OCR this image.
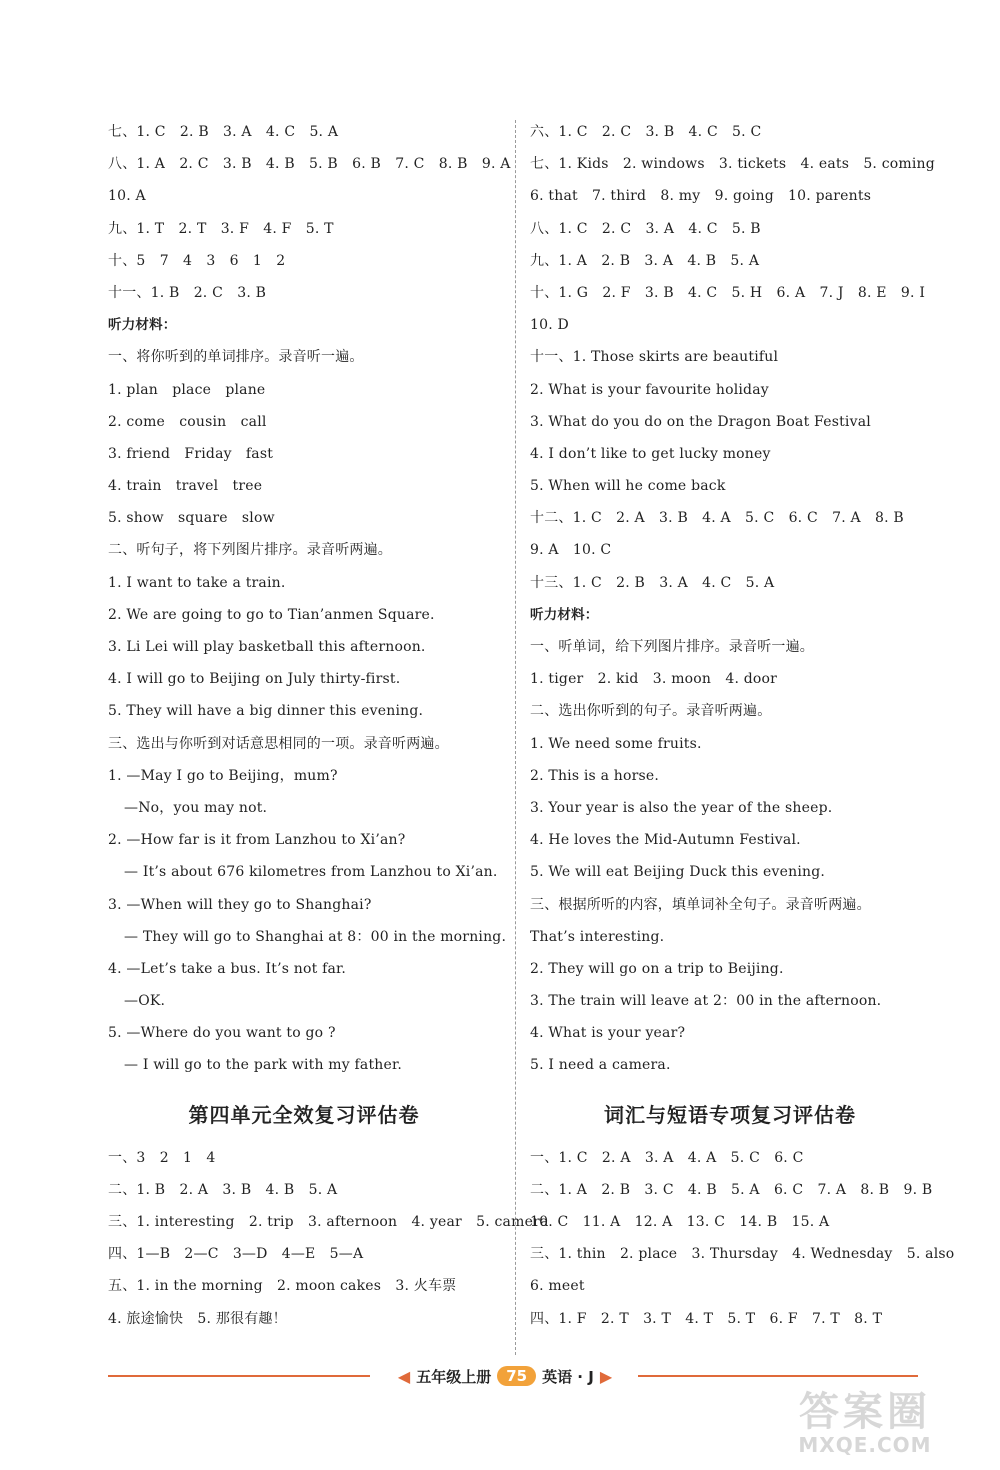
七、1. C　2. B　3. A　4. C　5. A
八、1. A　2. C　3. B　4. B　5. B　6. B　7. C　8. B　9. A
10. A
九、1. T　2. T　3. F　4. F　5. T
十、5　7　4　3　6　1　2
十一、1. B　2. C　3. B
听力材料：
一、将你听到的单词排序。录音听一遍。
1. plan　place　plane
2. come　cousin　call
3. friend　Friday　fast
4. train　travel　tree
5. show　square　slow
二、听句子，将下列图片排序。录音听两遍。
1. I want to take a train.
2. We are going to go to Tian’anmen Square.
3. Li Lei will play basketball this afternoon.
4. I will go to Beijing on July thirty-first.
5. They will have a big dinner this evening.
三、选出与你听到对话意思相同的一项。录音听两遍。
1. —May I go to Beijing，mum?
—No，you may not.
2. —How far is it from Lanzhou to Xi’an?
— It’s about 676 kilometres from Lanzhou to Xi’an.
3. —When will they go to Shanghai?
— They will go to Shanghai at 8：00 in the morning.
4. —Let’s take a bus. It’s not far.
—OK.
5. —Where do you want to go ?
— I will go to the park with my father.
第四单元全效复习评估卷
一、3　2　1　4
二、1. B　2. A　3. B　4. B　5. A
三、1. interesting　2. trip　3. afternoon　4. year　5. camera
四、1—B　2—C　3—D　4—E　5—A
五、1. in the morning　2. moon cakes　3. 火车票
4. 旅途愉快　5. 那很有趣！
六、1. C　2. C　3. B　4. C　5. C
七、1. Kids　2. windows　3. tickets　4. eats　5. coming
6. that　7. third　8. my　9. going　10. parents
八、1. C　2. C　3. A　4. C　5. B
九、1. A　2. B　3. A　4. B　5. A
十、1. G　2. F　3. B　4. C　5. H　6. A　7. J　8. E　9. I
10. D
十一、1. Those skirts are beautiful
2. What is your favourite holiday
3. What do you do on the Dragon Boat Festival
4. I don’t like to get lucky money
5. When will he come back
十二、1. C　2. A　3. B　4. A　5. C　6. C　7. A　8. B
9. A　10. C
十三、1. C　2. B　3. A　4. C　5. A
听力材料：
一、听单词，给下列图片排序。录音听一遍。
1. tiger　2. kid　3. moon　4. door
二、选出你听到的句子。录音听两遍。
1. We need some fruits.
2. This is a horse.
3. Your year is also the year of the sheep.
4. He loves the Mid-Autumn Festival.
5. We will eat Beijing Duck this evening.
三、根据所听的内容，填单词补全句子。录音听两遍。
That’s interesting.
2. They will go on a trip to Beijing.
3. The train will leave at 2：00 in the afternoon.
4. What is your year?
5. I need a camera.
词汇与短语专项复习评估卷
一、1. C　2. A　3. A　4. A　5. C　6. C
二、1. A　2. B　3. C　4. B　5. A　6. C　7. A　8. B　9. B
10. C　11. A　12. A　13. C　14. B　15. A
三、1. thin　2. place　3. Thursday　4. Wednesday　5. also
6. meet
四、1. F　2. T　3. T　4. T　5. T　6. F　7. T　8. T
◀ 五年级上册	75	英语 · J ▶
答案圈
MXQE.COM
